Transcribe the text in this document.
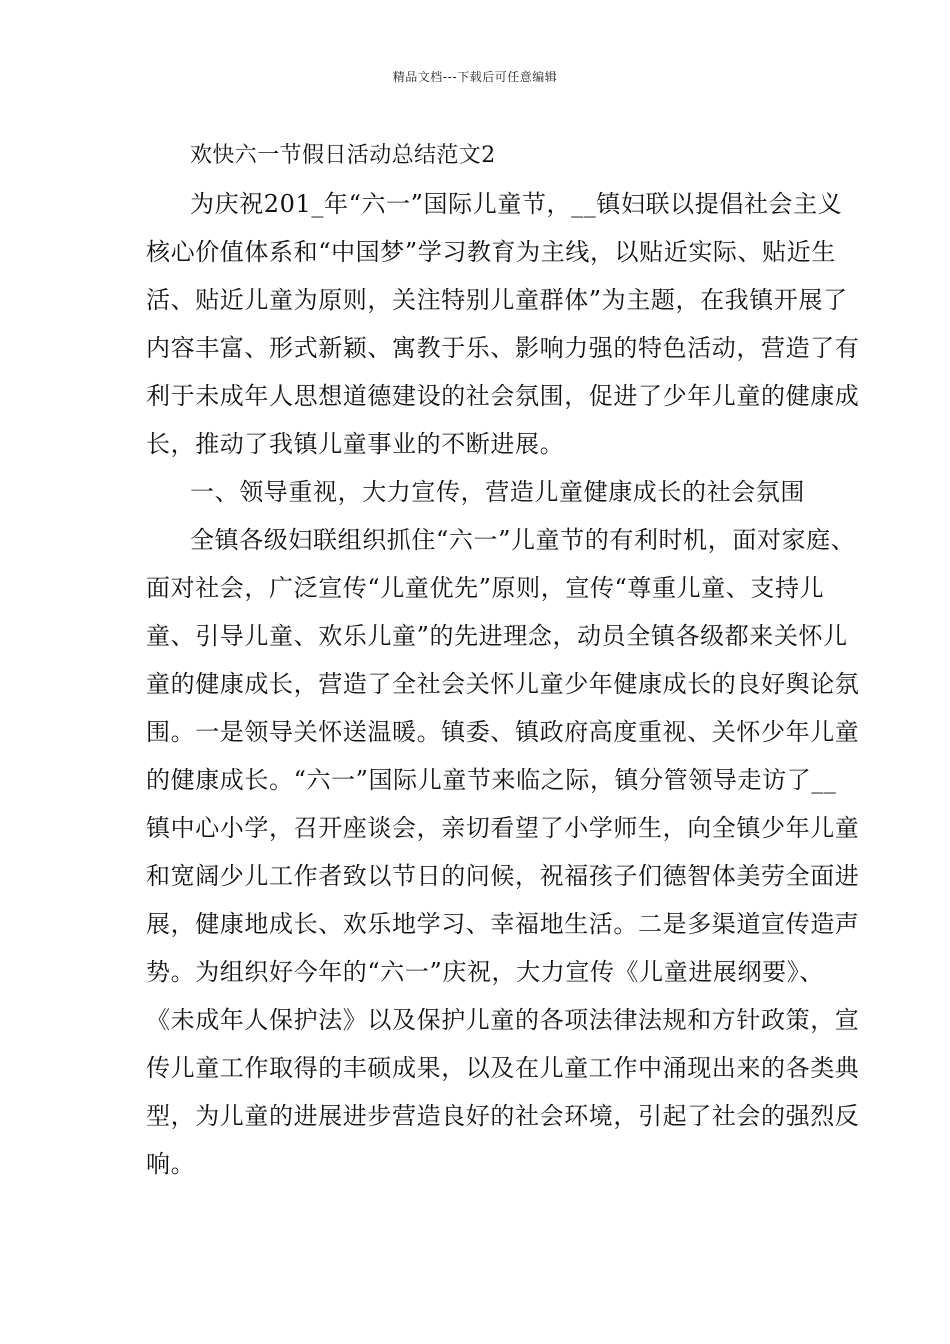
精品文档---下载后可任意编辑
欢快六一节假日活动总结范文2
为庆祝201_年“六一”国际儿童节，__镇妇联以提倡社会主义
核心价值体系和“中国梦”学习教育为主线，以贴近实际、贴近生
活、贴近儿童为原则，关注特别儿童群体”为主题，在我镇开展了
内容丰富、形式新颖、寓教于乐、影响力强的特色活动，营造了有
利于未成年人思想道德建设的社会氛围，促进了少年儿童的健康成
长，推动了我镇儿童事业的不断进展。
一、领导重视，大力宣传，营造儿童健康成长的社会氛围
全镇各级妇联组织抓住“六一”儿童节的有利时机，面对家庭、
面对社会，广泛宣传“儿童优先”原则，宣传“尊重儿童、支持儿
童、引导儿童、欢乐儿童”的先进理念，动员全镇各级都来关怀儿
童的健康成长，营造了全社会关怀儿童少年健康成长的良好舆论氛
围。一是领导关怀送温暖。镇委、镇政府高度重视、关怀少年儿童
的健康成长。“六一”国际儿童节来临之际，镇分管领导走访了__
镇中心小学，召开座谈会，亲切看望了小学师生，向全镇少年儿童
和宽阔少儿工作者致以节日的问候，祝福孩子们德智体美劳全面进
展，健康地成长、欢乐地学习、幸福地生活。二是多渠道宣传造声
势。为组织好今年的“六一”庆祝，大力宣传《儿童进展纲要》、
《未成年人保护法》以及保护儿童的各项法律法规和方针政策，宣
传儿童工作取得的丰硕成果，以及在儿童工作中涌现出来的各类典
型，为儿童的进展进步营造良好的社会环境，引起了社会的强烈反
响。
